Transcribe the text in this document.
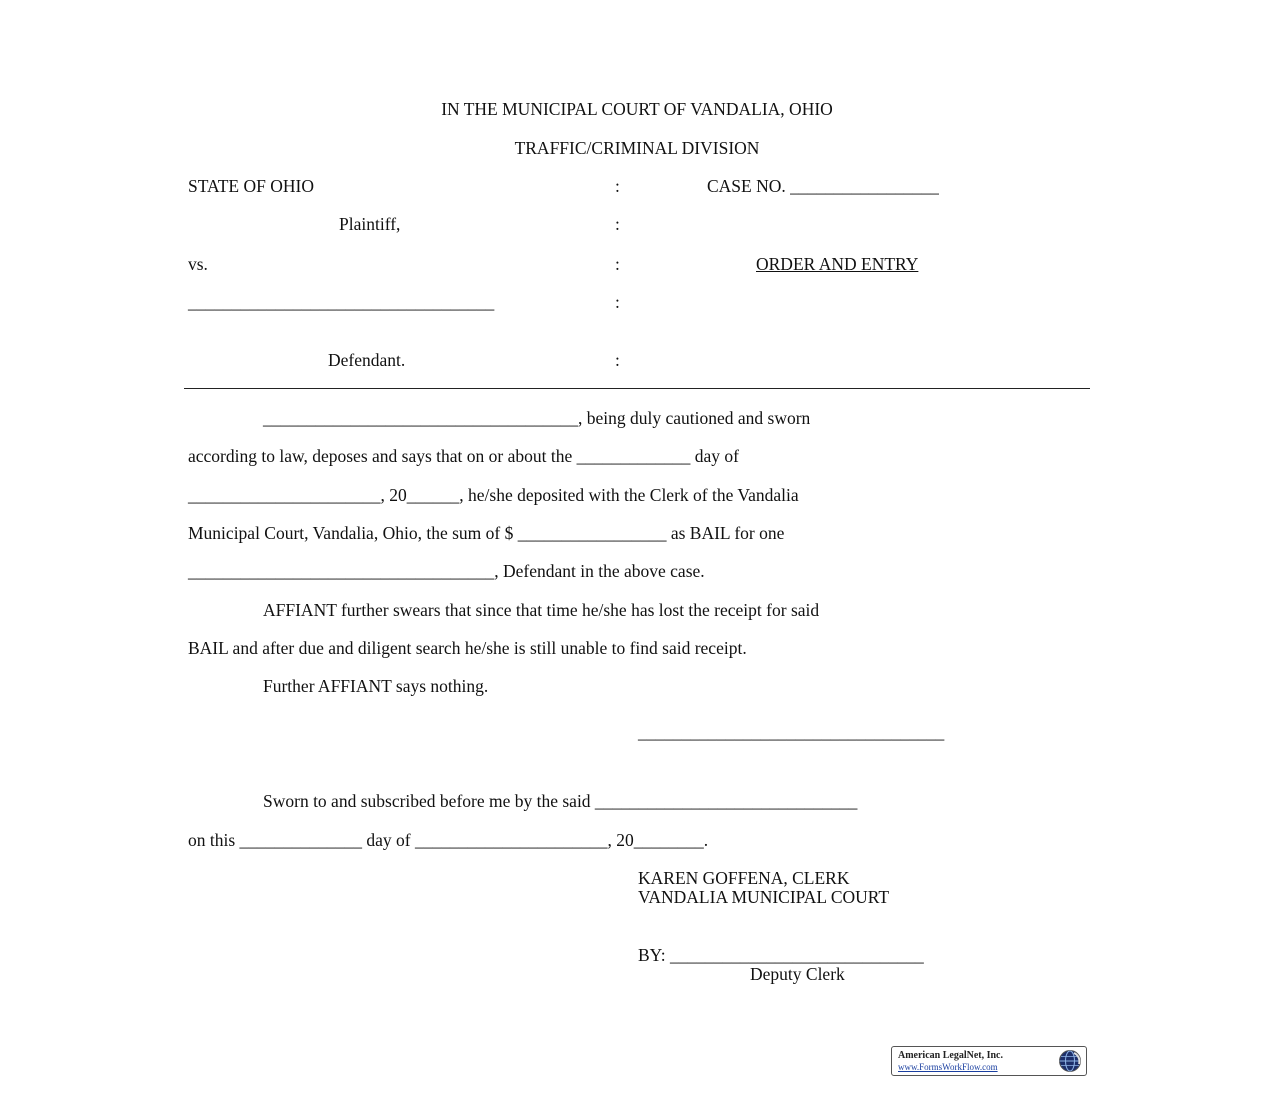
IN THE MUNICIPAL COURT OF VANDALIA, OHIO
TRAFFIC/CRIMINAL DIVISION
STATE OF OHIO
Plaintiff,
vs.
___________________________________
Defendant.
:
:
:
:
:
CASE NO. _________________
ORDER AND ENTRY
____________________________________, being duly cautioned and sworn
according to law, deposes and says that on or about the _____________ day of
______________________, 20______, he/she deposited with the Clerk of the Vandalia
Municipal Court, Vandalia, Ohio, the sum of $ _________________ as BAIL for one
___________________________________, Defendant in the above case.
AFFIANT further swears that since that time he/she has lost the receipt for said
BAIL and after due and diligent search he/she is still unable to find said receipt.
Further AFFIANT says nothing.
___________________________________
Sworn to and subscribed before me by the said ______________________________
on this ______________ day of ______________________, 20________.
KAREN GOFFENA, CLERK
VANDALIA MUNICIPAL COURT
BY: _____________________________
Deputy Clerk
American LegalNet, Inc.
www.FormsWorkFlow.com
